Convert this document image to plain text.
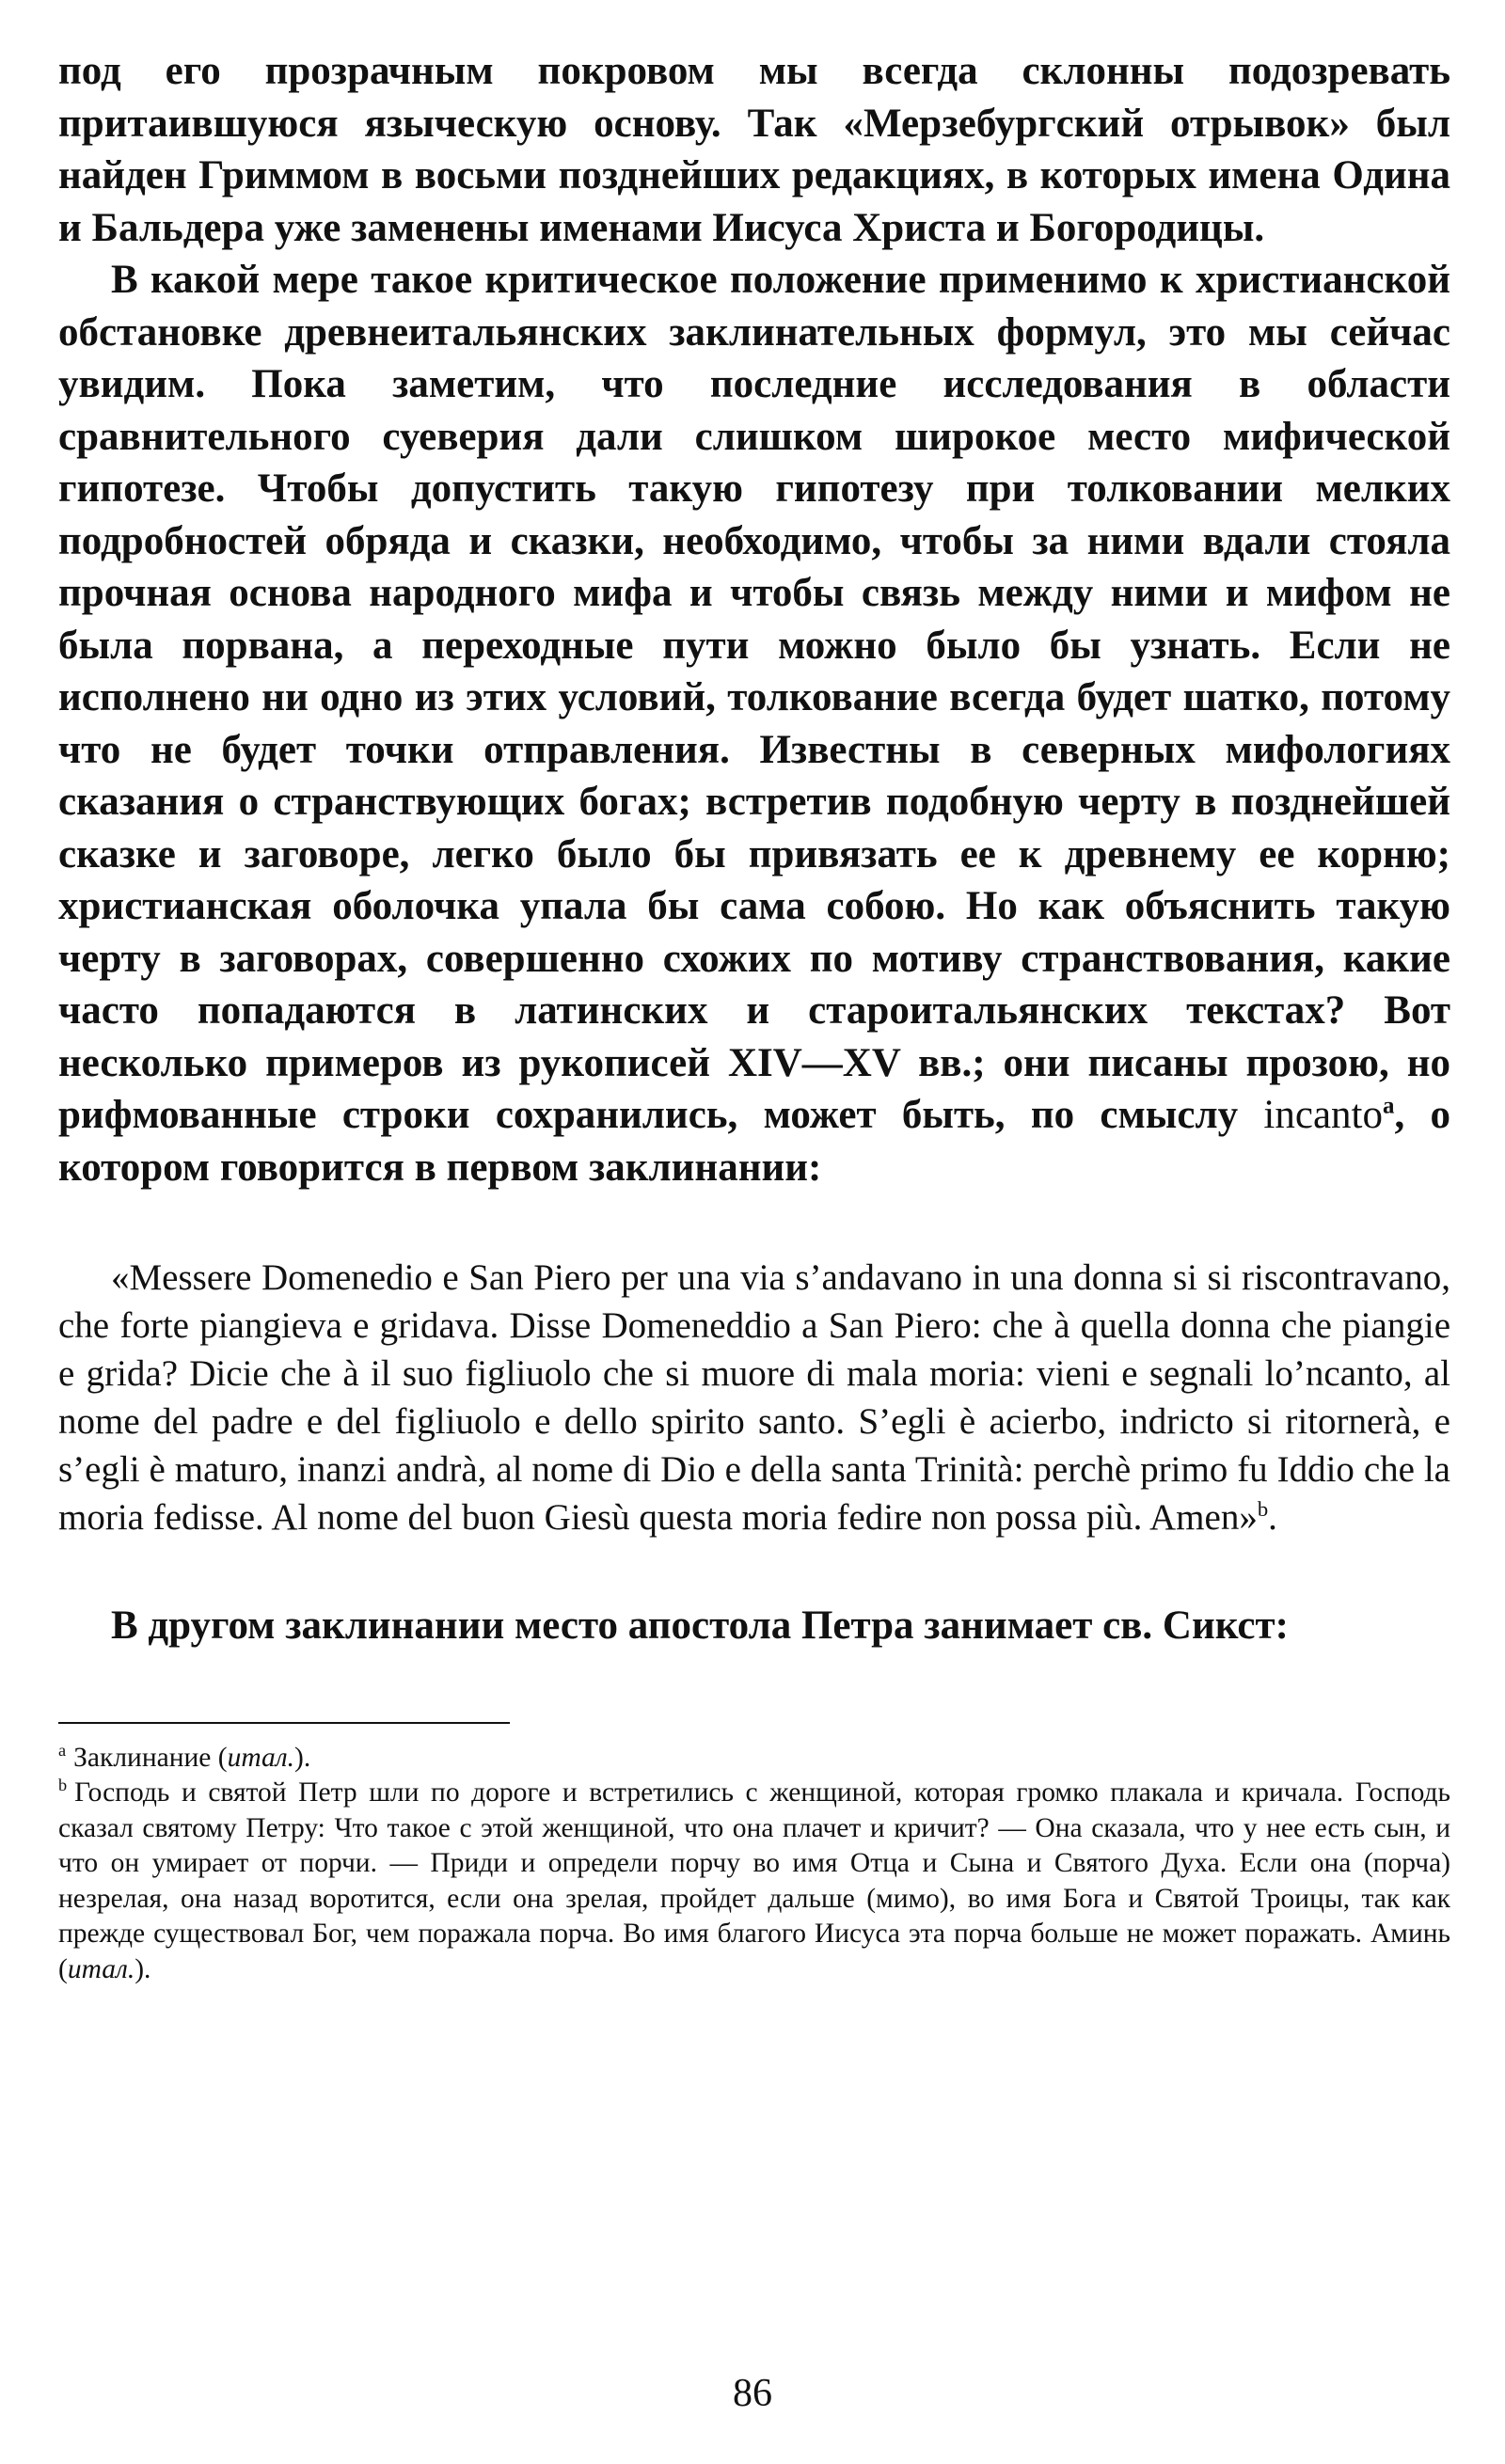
под его прозрачным покровом мы всегда склонны подозревать притаившуюся языческую основу. Так «Мерзебургский отрывок» был найден Гриммом в восьми позднейших редакциях, в которых имена Одина и Бальдера уже заменены именами Иисуса Христа и Богородицы.

В какой мере такое критическое положение применимо к христианской обстановке древнеитальянских заклинательных формул, это мы сейчас увидим. Пока заметим, что последние исследования в области сравнительного суеверия дали слишком широкое место мифической гипотезе. Чтобы допустить такую гипотезу при толковании мелких подробностей обряда и сказки, необходимо, чтобы за ними вдали стояла прочная основа народного мифа и чтобы связь между ними и мифом не была порвана, а переходные пути можно было бы узнать. Если не исполнено ни одно из этих условий, толкование всегда будет шатко, потому что не будет точки отправления. Известны в северных мифологиях сказания о странствующих богах; встретив подобную черту в позднейшей сказке и заговоре, легко было бы привязать ее к древнему ее корню; христианская оболочка упала бы сама собою. Но как объяснить такую черту в заговорах, совершенно схожих по мотиву странствования, какие часто попадаются в латинских и староитальянских текстах? Вот несколько примеров из рукописей XIV—XV вв.; они писаны прозою, но рифмованные строки сохранились, может быть, по смыслу incanto$^a$, о котором говорится в первом заклинании:

«Messere Domenedio e San Piero per una via s’andavano in una donna si si riscontravano, che forte piangieva e gridava. Disse Domeneddio a San Piero: che à quella donna che piangie e grida? Dicie che à il suo figliuolo che si muore di mala moria: vieni e segnali lo’ncanto, al nome del padre e del figliuolo e dello spirito santo. S’egli è acierbo, indricto si ritornerà, e s’egli è maturo, inanzi andrà, al nome di Dio e della santa Trinità: perchè primo fu Iddio che la moria fedisse. Al nome del buon Giesù questa moria fedire non possa più. Amen»$^b$.

В другом заклинании место апостола Петра занимает св. Сикст:

$^a$ Заклинание (итал.).

$^b$ Господь и святой Петр шли по дороге и встретились с женщиной, которая громко плакала и кричала. Господь сказал святому Петру: Что такое с этой женщиной, что она плачет и кричит? — Она сказала, что у нее есть сын, и что он умирает от порчи. — Приди и определи порчу во имя Отца и Сына и Святого Духа. Если она (порча) незрелая, она назад воротится, если она зрелая, пройдет дальше (мимо), во имя Бога и Святой Троицы, так как прежде существовал Бог, чем поражала порча. Во имя благого Иисуса эта порча больше не может поражать. Аминь (итал.).

86
